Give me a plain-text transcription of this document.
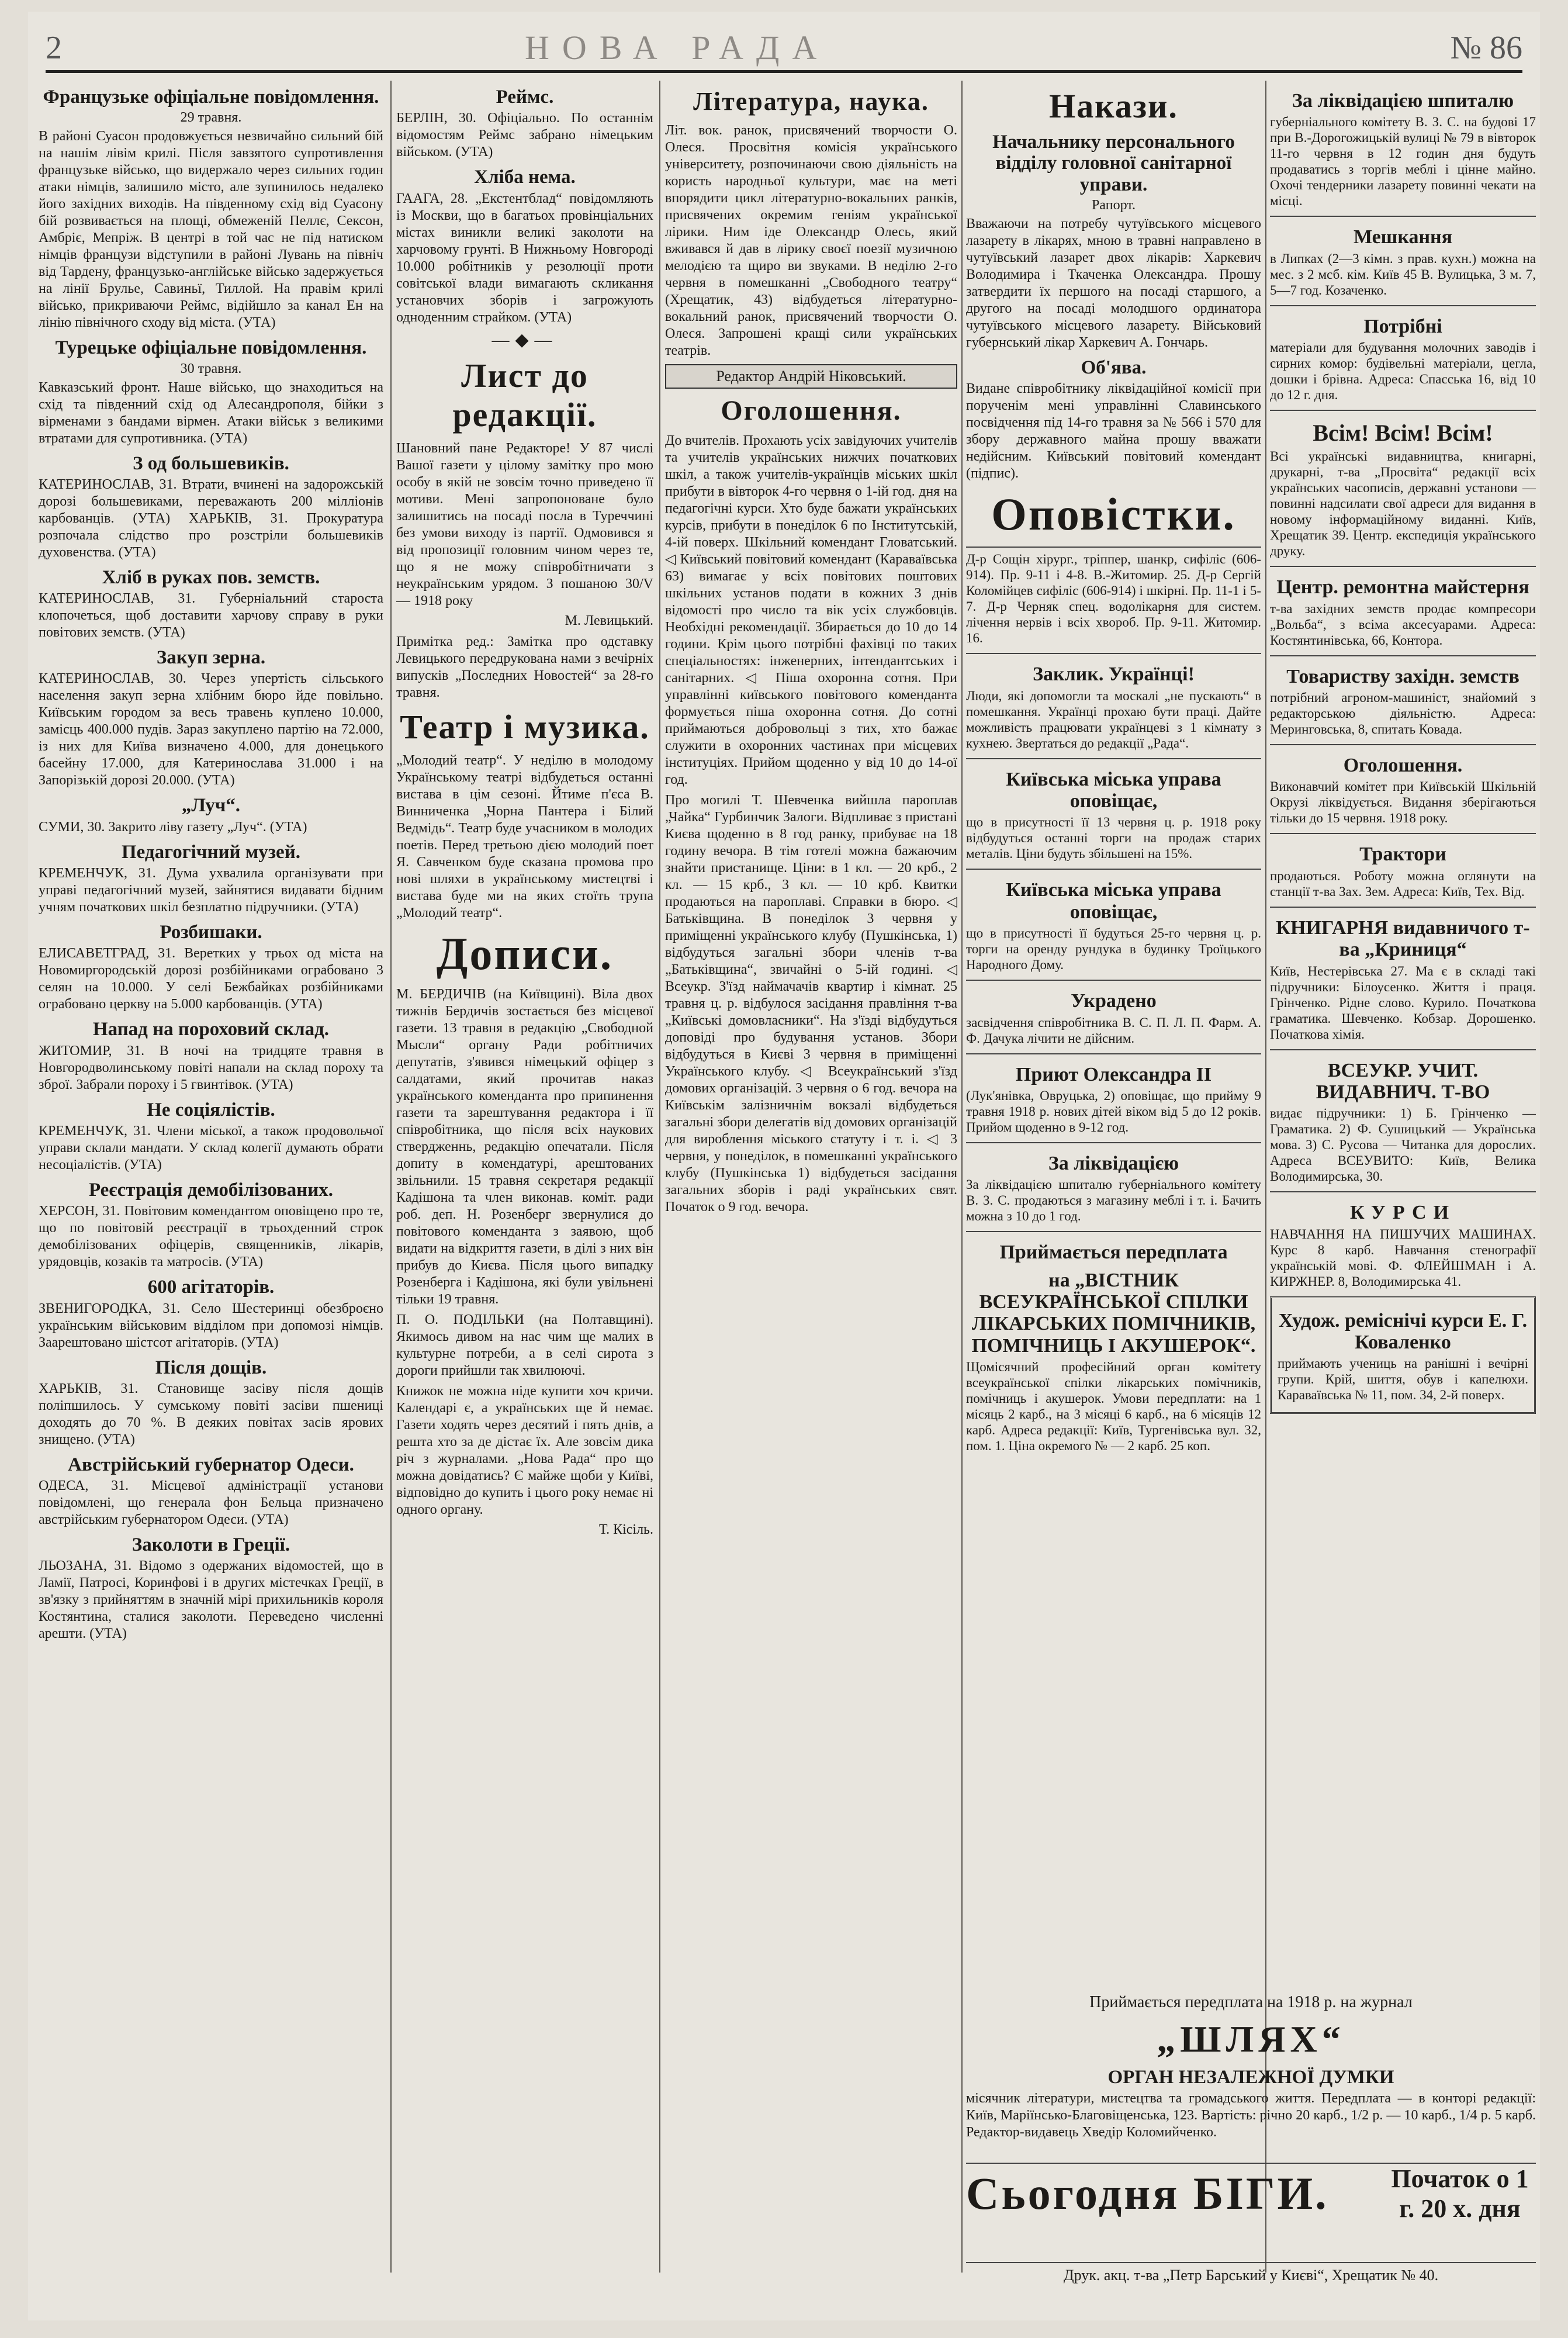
2	НОВА РАДА	№ 86
Французьке офіціальне повідомлення.
29 травня.

В районі Суасон продовжується незвичайно сильний бій на нашім лівім крилі. Після завзятого супротивлення французьке військо, що видержало через сильних годин атаки німців, залишило місто, але зупинилось недалеко його західних виходів. На південному схід від Суасону бій розвивається на площі, обмеженій Пеллє, Сексон, Амбріє, Мепріж. В центрі в той час не під натиском німців французи відступили в районі Лувань на північ від Тардену, французько-англійське військо задержується на лінії Брулье, Савиньї, Тиллой. На правім крилі військо, прикриваючи Реймс, відійшло за канал Ен на лінію північного сходу від міста. (УТА)

Турецьке офіціальне повідомлення.
30 травня.

Кавказський фронт. Наше військо, що знаходиться на схід та південний схід од Алесандрополя, бійки з вірменами з бандами вірмен. Атаки військ з великими втратами для супротивника. (УТА)

З од большевиків.

КАТЕРИНОСЛАВ, 31. Втрати, вчинені на задорожській дорозі большевиками, переважають 200 мілліонів карбованців. (УТА) ХАРЬКІВ, 31. Прокуратура розпочала слідство про розстріли большевиків духовенства. (УТА)

Хліб в руках пов. земств.

КАТЕРИНОСЛАВ, 31. Губерніальний староста клопочеться, щоб доставити харчову справу в руки повітових земств. (УТА)

Закуп зерна.

КАТЕРИНОСЛАВ, 30. Через упертість сільського населення закуп зерна хлібним бюро йде повільно. Київським городом за весь травень куплено 10.000, замісць 400.000 пудів. Зараз закуплено партію на 72.000, із них для Київа визначено 4.000, для донецького басейну 17.000, для Катеринослава 31.000 і на Запорізькій дорозі 20.000. (УТА)

„Луч“.

СУМИ, 30. Закрито ліву газету „Луч“. (УТА)

Педагогічний музей.

КРЕМЕНЧУК, 31. Дума ухвалила організувати при управі педагогічний музей, зайнятися видавати бідним учням початкових шкіл безплатно підручники. (УТА)

Розбишаки.

ЕЛИСАВЕТГРАД, 31. Веретких у трьох од міста на Новомиргородській дорозі розбійниками ограбовано 3 селян на 10.000. У селі Бежбайках розбійниками ограбовано церкву на 5.000 карбованців. (УТА)

Напад на пороховий склад.

ЖИТОМИР, 31. В ночі на тридцяте травня в Новгородволинському повіті напали на склад пороху та зброї. Забрали пороху і 5 гвинтівок. (УТА)

Не соціялістів.

КРЕМЕНЧУК, 31. Члени міської, а також продовольчої управи склали мандати. У склад колегії думають обрати несоціалістів. (УТА)

Реєстрація демобілізованих.

ХЕРСОН, 31. Повітовим комендантом оповіщено про те, що по повітовій реєстрації в трьохденний строк демобілізованих офіцерів, священників, лікарів, урядовців, козаків та матросів. (УТА)

600 агітаторів.

ЗВЕНИГОРОДКА, 31. Село Шестеринці обезброєно українським військовим відділом при допомозі німців. Заарештовано шістсот агітаторів. (УТА)

Після дощів.

ХАРЬКІВ, 31. Становище засіву після дощів поліпшилось. У сумському повіті засіви пшениці доходять до 70 %. В деяких повітах засів ярових знищено. (УТА)

Австрійський губернатор Одеси.

ОДЕСА, 31. Місцевої адміністрації установи повідомлені, що генерала фон Бельца призначено австрійським губернатором Одеси. (УТА)

Заколоти в Греції.

ЛЬОЗАНА, 31. Відомо з одержаних відомостей, що в Ламії, Патросі, Коринфові і в других містечках Греції, в зв'язку з прийняттям в значній мірі прихильників короля Костянтина, сталися заколоти. Переведено численні арешти. (УТА)

Реймс.

БЕРЛІН, 30. Офіціально. По останнім відомостям Реймс забрано німецьким військом. (УТА)

Хліба нема.

ГААГА, 28. „Екстентблад“ повідомляють із Москви, що в багатьох провінціальних містах виникли великі заколоти на харчовому грунті. В Нижньому Новгороді 10.000 робітників у резолюції проти совітської влади вимагають скликання установчих зборів і загрожують одноденним страйком. (УТА)

—◆—
Лист до редакції.

Шановний пане Редакторе! У 87 числі Вашої газети у цілому замітку про мою особу в якій не зовсім точно приведено її мотиви. Мені запропоноване було залишитись на посаді посла в Туреччині без умови виходу із партії. Одмовився я від пропозиції головним чином через те, що я не можу співробітничати з неукраїнським урядом. З пошаною 30/V — 1918 року

М. Левицький.

Примітка ред.: Замітка про одставку Левицького передрукована нами з вечірніх випусків „Последних Новостей“ за 28-го травня.

Театр і музика.

„Молодий театр“. У неділю в молодому Українському театрі відбудеться останні вистава в цім сезоні. Йтиме п'єса В. Винниченка „Чорна Пантера і Білий Ведмідь“. Театр буде учасником в молодих поетів. Перед третьою дією молодий поет Я. Савченком буде сказана промова про нові шляхи в українському мистецтві і вистава буде ми на яких стоїть трупа „Молодий театр“.

Дописи.

М. БЕРДИЧІВ (на Київщині). Віла двох тижнів Бердичів зостається без місцевої газети. 13 травня в редакцію „Свободной Мысли“ органу Ради робітничих депутатів, з'явився німецький офіцер з салдатами, який прочитав наказ українського коменданта про припинення газети та зарештування редактора і її співробітника, що після всіх наукових ствердженнь, редакцію опечатали. Після допиту в комендатурі, арештованих звільнили. 15 травня секретаря редакції Кадішона та член виконав. коміт. ради роб. деп. Н. Розенберг звернулися до повітового коменданта з заявою, щоб видати на відкриття газети, в ділі з них він прибув до Києва. Після цього випадку Розенберга і Кадішона, які були увільнені тільки 19 травня.

П. О. ПОДІЛЬКИ (на Полтавщині). Якимось дивом на нас чим ще малих в культурне потреби, а в селі сирота з дороги прийшли так хвилюючі.

Книжок не можна ніде купити хоч кричи. Календарі є, а українських ще й немає. Газети ходять через десятий і пять днів, а решта хто за де дістає їх. Але зовсім дика річ з журналами. „Нова Рада“ про що можна довідатись? Є майже щоби у Київі, відповідно до купить і цього року немає ні одного органу.

Т. Кісіль.
Література, наука.

Літ. вок. ранок, присвячений творчости О. Олеся. Просвітня комісія українського університету, розпочинаючи свою діяльність на користь народньої культури, має на меті впорядити цикл літературно-вокальних ранків, присвячених окремим геніям української лірики. Ним іде Олександр Олесь, який вживався й дав в лірику своєї поезії музичною мелодією та щиро ви звуками. В неділю 2-го червня в помешканні „Свободного театру“ (Хрещатик, 43) відбудеться літературно-вокальний ранок, присвячений творчости О. Олеся. Запрошені кращі сили українських театрів.

Редактор Андрій Ніковський.
Оголошення.

До вчителів. Прохають усіх завідуючих учителів та учителів українських нижчих початкових шкіл, а також учителів-українців міських шкіл прибути в вівторок 4-го червня о 1-ій год. дня на педагогічні курси. Хто буде бажати українських курсів, прибути в понеділок 6 по Інститутській, 4-ій поверх. Шкільний комендант Гловатський. ◁ Київський повітовий комендант (Караваївська 63) вимагає у всіх повітових поштових шкільних установ подати в кожних 3 днів відомості про число та вік усіх службовців. Необхідні рекомендації. Збирається до 10 до 14 години. Крім цього потрібні фахівці по таких спеціальностях: інженерних, інтендантських і санітарних. ◁ Піша охоронна сотня. При управлінні київського повітового коменданта формується піша охоронна сотня. До сотні приймаються добровольці з тих, хто бажає служити в охоронних частинах при місцевих інституціях. Прийом щоденно у від 10 до 14-ої год.

Про могилі Т. Шевченка вийшла пароплав „Чайка“ Гурбинчик Залоги. Відпливає з пристані Києва щоденно в 8 год ранку, прибуває на 18 годину вечора. В тім готелі можна бажаючим знайти пристанище. Ціни: в 1 кл. — 20 крб., 2 кл. — 15 крб., 3 кл. — 10 крб. Квитки продаються на пароплаві. Справки в бюро. ◁ Батьківщина. В понеділок 3 червня у приміщенні українського клубу (Пушкінська, 1) відбудуться загальні збори членів т-ва „Батьківщина“, звичайні о 5-ій годині. ◁ Всеукр. З'їзд наймачачів квартир і кімнат. 25 травня ц. р. відбулося засідання правління т-ва „Київські домовласники“. На з'їзді відбудуться доповіді про будування установ. Збори відбудуться в Києві 3 червня в приміщенні Українського клубу. ◁ Всеукраїнський з'їзд домових організацій. 3 червня о 6 год. вечора на Київськім залізничнім вокзалі відбудеться загальні збори делегатів від домових організацій для вироблення міського статуту і т. і. ◁ 3 червня, у понеділок, в помешканні українського клубу (Пушкінська 1) відбудеться засідання загальних зборів і раді українських свят. Початок о 9 год. вечора.

Накази.
Начальнику персонального відділу головної санітарної управи.
Рапорт.

Вважаючи на потребу чутуївського місцевого лазарету в лікарях, мною в травні направлено в чутуївський лазарет двох лікарів: Харкевич Володимира і Ткаченка Олександра. Прошу затвердити їх першого на посаді старшого, а другого на посаді молодшого ординатора чутуївського місцевого лазарету. Військовий губернський лікар Харкевич А. Гончарь.

Об'ява.

Видане співробітнику ліквідаційної комісії при порученім мені управлінні Славинського посвідчення під 14-го травня за № 566 і 570 для збору державного майна прошу вважати недійсним. Київський повітовий комендант (підпис).

Оповістки.

Д-р Сощін хірург., тріппер, шанкр, сифіліс (606-914). Пр. 9-11 і 4-8. В.-Житомир. 25. Д-р Сергій Коломійцев сифіліс (606-914) і шкірні. Пр. 11-1 і 5-7. Д-р Черняк спец. водолікарня для систем. лічення нервів і всіх хвороб. Пр. 9-11. Житомир. 16.

Заклик. Українці!

Люди, які допомогли та москалі „не пускають“ в помешкання. Українці прохаю бути праці. Дайте можливість працювати українцеві з 1 кімнату з кухнею. Звертаться до редакції „Рада“.

Київська міська управа оповіщає,

що в присутності її 13 червня ц. р. 1918 року відбудуться останні торги на продаж старих металів. Ціни будуть збільшені на 15%.

Київська міська управа оповіщає,

що в присутності її будуться 25-го червня ц. р. торги на оренду рундука в будинку Троїцького Народного Дому.

Украдено

засвідчення співробітника В. С. П. Л. П. Фарм. А. Ф. Дачука лічити не дійсним.

Приют Олександра II

(Лук'янівка, Овруцька, 2) оповіщає, що прийму 9 травня 1918 р. нових дітей віком від 5 до 12 років. Прийом щоденно в 9-12 год.

За ліквідацією

За ліквідацією шпиталю губерніального комітету В. З. С. продаються з магазину меблі і т. і. Бачить можна з 10 до 1 год.

Приймається передплата
на „ВІСТНИК ВСЕУКРАЇНСЬКОЇ СПІЛКИ ЛІКАРСЬКИХ ПОМІЧНИКІВ, ПОМІЧНИЦЬ І АКУШЕРОК“.

Щомісячний професійний орган комітету всеукраїнської спілки лікарських помічників, помічниць і акушерок. Умови передплати: на 1 місяць 2 карб., на 3 місяці 6 карб., на 6 місяців 12 карб. Адреса редакції: Київ, Тургенівська вул. 32, пом. 1. Ціна окремого № — 2 карб. 25 коп.

За ліквідацією шпиталю

губерніального комітету В. З. С. на будові 17 при В.-Дорогожицькій вулиці № 79 в вівторок 11-го червня в 12 годин дня будуть продаватись з торгів меблі і цінне майно. Охочі тендерники лазарету повинні чекати на місці.

Мешкання

в Липках (2—3 кімн. з прав. кухн.) можна на мес. з 2 мсб. кім. Київ 45 В. Вулицька, 3 м. 7, 5—7 год. Козаченко.

Потрібні

матеріали для будування молочних заводів і сирних комор: будівельні матеріали, цегла, дошки і брівна. Адреса: Спасська 16, від 10 до 12 г. дня.

Всім! Всім! Всім!

Всі українські видавництва, книгарні, друкарні, т-ва „Просвіта“ редакції всіх українських часописів, державні установи — повинні надсилати свої адреси для видання в новому інформаційному виданні. Київ, Хрещатик 39. Центр. експедиція українського друку.

Центр. ремонтна майстерня

т-ва західних земств продає компресори „Вольба“, з всіма аксесуарами. Адреса: Костянтинівська, 66, Контора.

Товариству західн. земств

потрібний агроном-машиніст, знайомий з редакторською діяльністю. Адреса: Меринговська, 8, спитать Ковада.

Оголошення.

Виконавчий комітет при Київській Шкільній Окрузі ліквідується. Видання зберігаються тільки до 15 червня. 1918 року.

Трактори

продаються. Роботу можна оглянути на станції т-ва Зах. Зем. Адреса: Київ, Тех. Від.

КНИГАРНЯ видавничого т-ва „Криниця“

Київ, Нестерівська 27. Ма є в складі такі підручники: Білоусенко. Життя і праця. Грінченко. Рідне слово. Курило. Початкова граматика. Шевченко. Кобзар. Дорошенко. Початкова хімія.

ВСЕУКР. УЧИТ. ВИДАВНИЧ. Т-ВО

видає підручники: 1) Б. Грінченко — Граматика. 2) Ф. Сушицький — Українська мова. 3) С. Русова — Читанка для дорослих. Адреса ВСЕУВИТО: Київ, Велика Володимирська, 30.

КУРСИ

НАВЧАННЯ НА ПИШУЧИХ МАШИНАХ. Курс 8 карб. Навчання стенографії українській мові. Ф. ФЛЕЙШМАН і А. КИРЖНЕР. 8, Володимирська 41.

Худож. реміснічі курси Е. Г. Коваленко

приймають учениць на ранішні і вечірні групи. Крій, шиття, обув і капелюхи. Караваївська № 11, пом. 34, 2-й поверх.

Приймається передплата на 1918 р. на журнал
„ШЛЯХ“
ОРГАН НЕЗАЛЕЖНОЇ ДУМКИ

місячник літератури, мистецтва та громадського життя. Передплата — в конторі редакції: Київ, Маріїнсько-Благовіщенська, 123. Вартість: річно 20 карб., 1/2 р. — 10 карб., 1/4 р. 5 карб. Редактор-видавець Хведір Коломийченко.

Сьогодня БІГИ. Початок о 1 г. 20 х. дня
Друк. акц. т-ва „Петр Барський у Києві“, Хрещатик № 40.
